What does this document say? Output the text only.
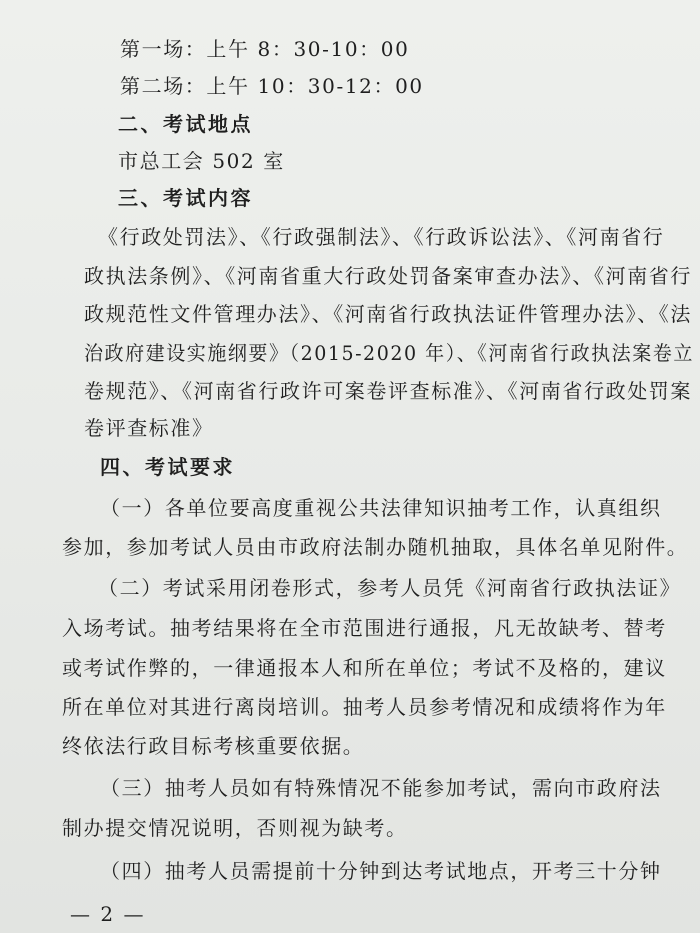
第一场：上午 8：30-10：00
第二场：上午 10：30-12：00
二、考试地点
市总工会 502 室
三、考试内容
《行政处罚法》、《行政强制法》、《行政诉讼法》、《河南省行
政执法条例》、《河南省重大行政处罚备案审查办法》、《河南省行
政规范性文件管理办法》、《河南省行政执法证件管理办法》、《法
治政府建设实施纲要》（2015-2020 年）、《河南省行政执法案卷立
卷规范》、《河南省行政许可案卷评查标准》、《河南省行政处罚案
卷评查标准》
四、考试要求
（一）各单位要高度重视公共法律知识抽考工作，认真组织
参加，参加考试人员由市政府法制办随机抽取，具体名单见附件。
（二）考试采用闭卷形式，参考人员凭《河南省行政执法证》
入场考试。抽考结果将在全市范围进行通报，凡无故缺考、替考
或考试作弊的，一律通报本人和所在单位；考试不及格的，建议
所在单位对其进行离岗培训。抽考人员参考情况和成绩将作为年
终依法行政目标考核重要依据。
（三）抽考人员如有特殊情况不能参加考试，需向市政府法
制办提交情况说明，否则视为缺考。
（四）抽考人员需提前十分钟到达考试地点，开考三十分钟
— 2 —
